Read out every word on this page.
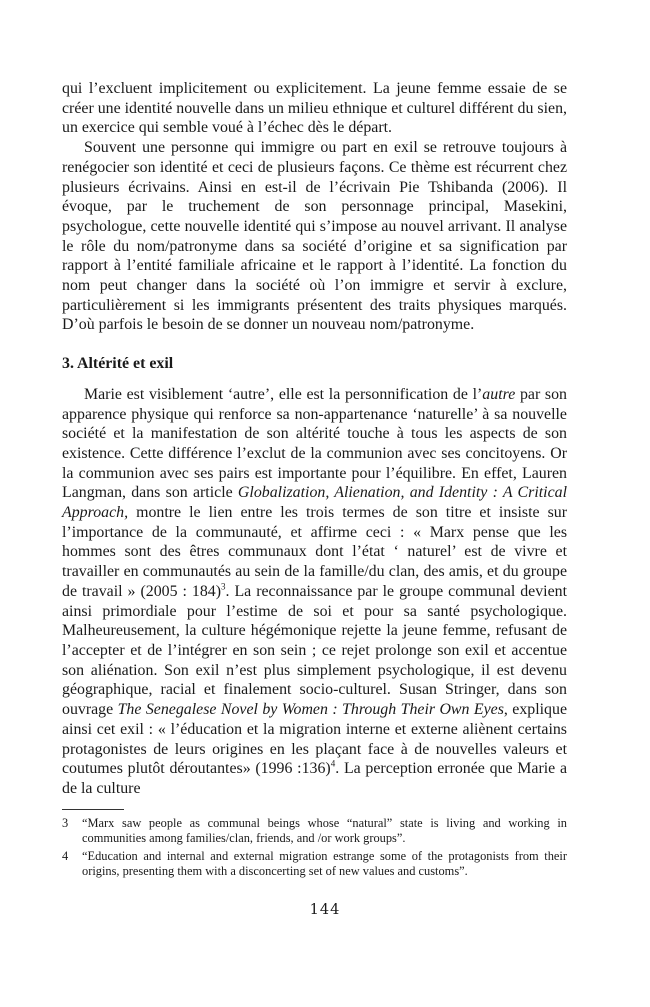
qui l’excluent implicitement ou explicitement. La jeune femme essaie de se créer une identité nouvelle dans un milieu ethnique et culturel différent du sien, un exercice qui semble voué à l’échec dès le départ.

Souvent une personne qui immigre ou part en exil se retrouve toujours à renégocier son identité et ceci de plusieurs façons. Ce thème est récurrent chez plusieurs écrivains. Ainsi en est-il de l’écrivain Pie Tshibanda (2006). Il évoque, par le truchement de son personnage principal, Masekini, psychologue, cette nouvelle identité qui s’impose au nouvel arrivant. Il analyse le rôle du nom/patronyme dans sa société d’origine et sa signification par rapport à l’entité familiale africaine et le rapport à l’identité. La fonction du nom peut changer dans la société où l’on immigre et servir à exclure, particulièrement si les immigrants présentent des traits physiques marqués. D’où parfois le besoin de se donner un nouveau nom/patronyme.

3. Altérité et exil

Marie est visiblement ‘autre’, elle est la personnification de l’autre par son apparence physique qui renforce sa non-appartenance ‘naturelle’ à sa nouvelle société et la manifestation de son altérité touche à tous les aspects de son existence. Cette différence l’exclut de la communion avec ses concitoyens. Or la communion avec ses pairs est importante pour l’équilibre. En effet, Lauren Langman, dans son article Globalization, Alienation, and Identity : A Critical Approach, montre le lien entre les trois termes de son titre et insiste sur l’importance de la communauté, et affirme ceci : « Marx pense que les hommes sont des êtres communaux dont l’état ‘ naturel’ est de vivre et travailler en communautés au sein de la famille/du clan, des amis, et du groupe de travail » (2005 : 184)$^3$. La reconnaissance par le groupe communal devient ainsi primordiale pour l’estime de soi et pour sa santé psychologique. Malheureusement, la culture hégémonique rejette la jeune femme, refusant de l’accepter et de l’intégrer en son sein ; ce rejet prolonge son exil et accentue son aliénation. Son exil n’est plus simplement psychologique, il est devenu géographique, racial et finalement socio-culturel. Susan Stringer, dans son ouvrage The Senegalese Novel by Women : Through Their Own Eyes, explique ainsi cet exil : « l’éducation et la migration interne et externe aliènent certains protagonistes de leurs origines en les plaçant face à de nouvelles valeurs et coutumes plutôt déroutantes» (1996 :136)$^4$. La perception erronée que Marie a de la culture

3	“Marx saw people as communal beings whose “natural” state is living and working in communities among families/clan, friends, and /or work groups”.
4	“Education and internal and external migration estrange some of the protagonists from their origins, presenting them with a disconcerting set of new values and customs”.
144
